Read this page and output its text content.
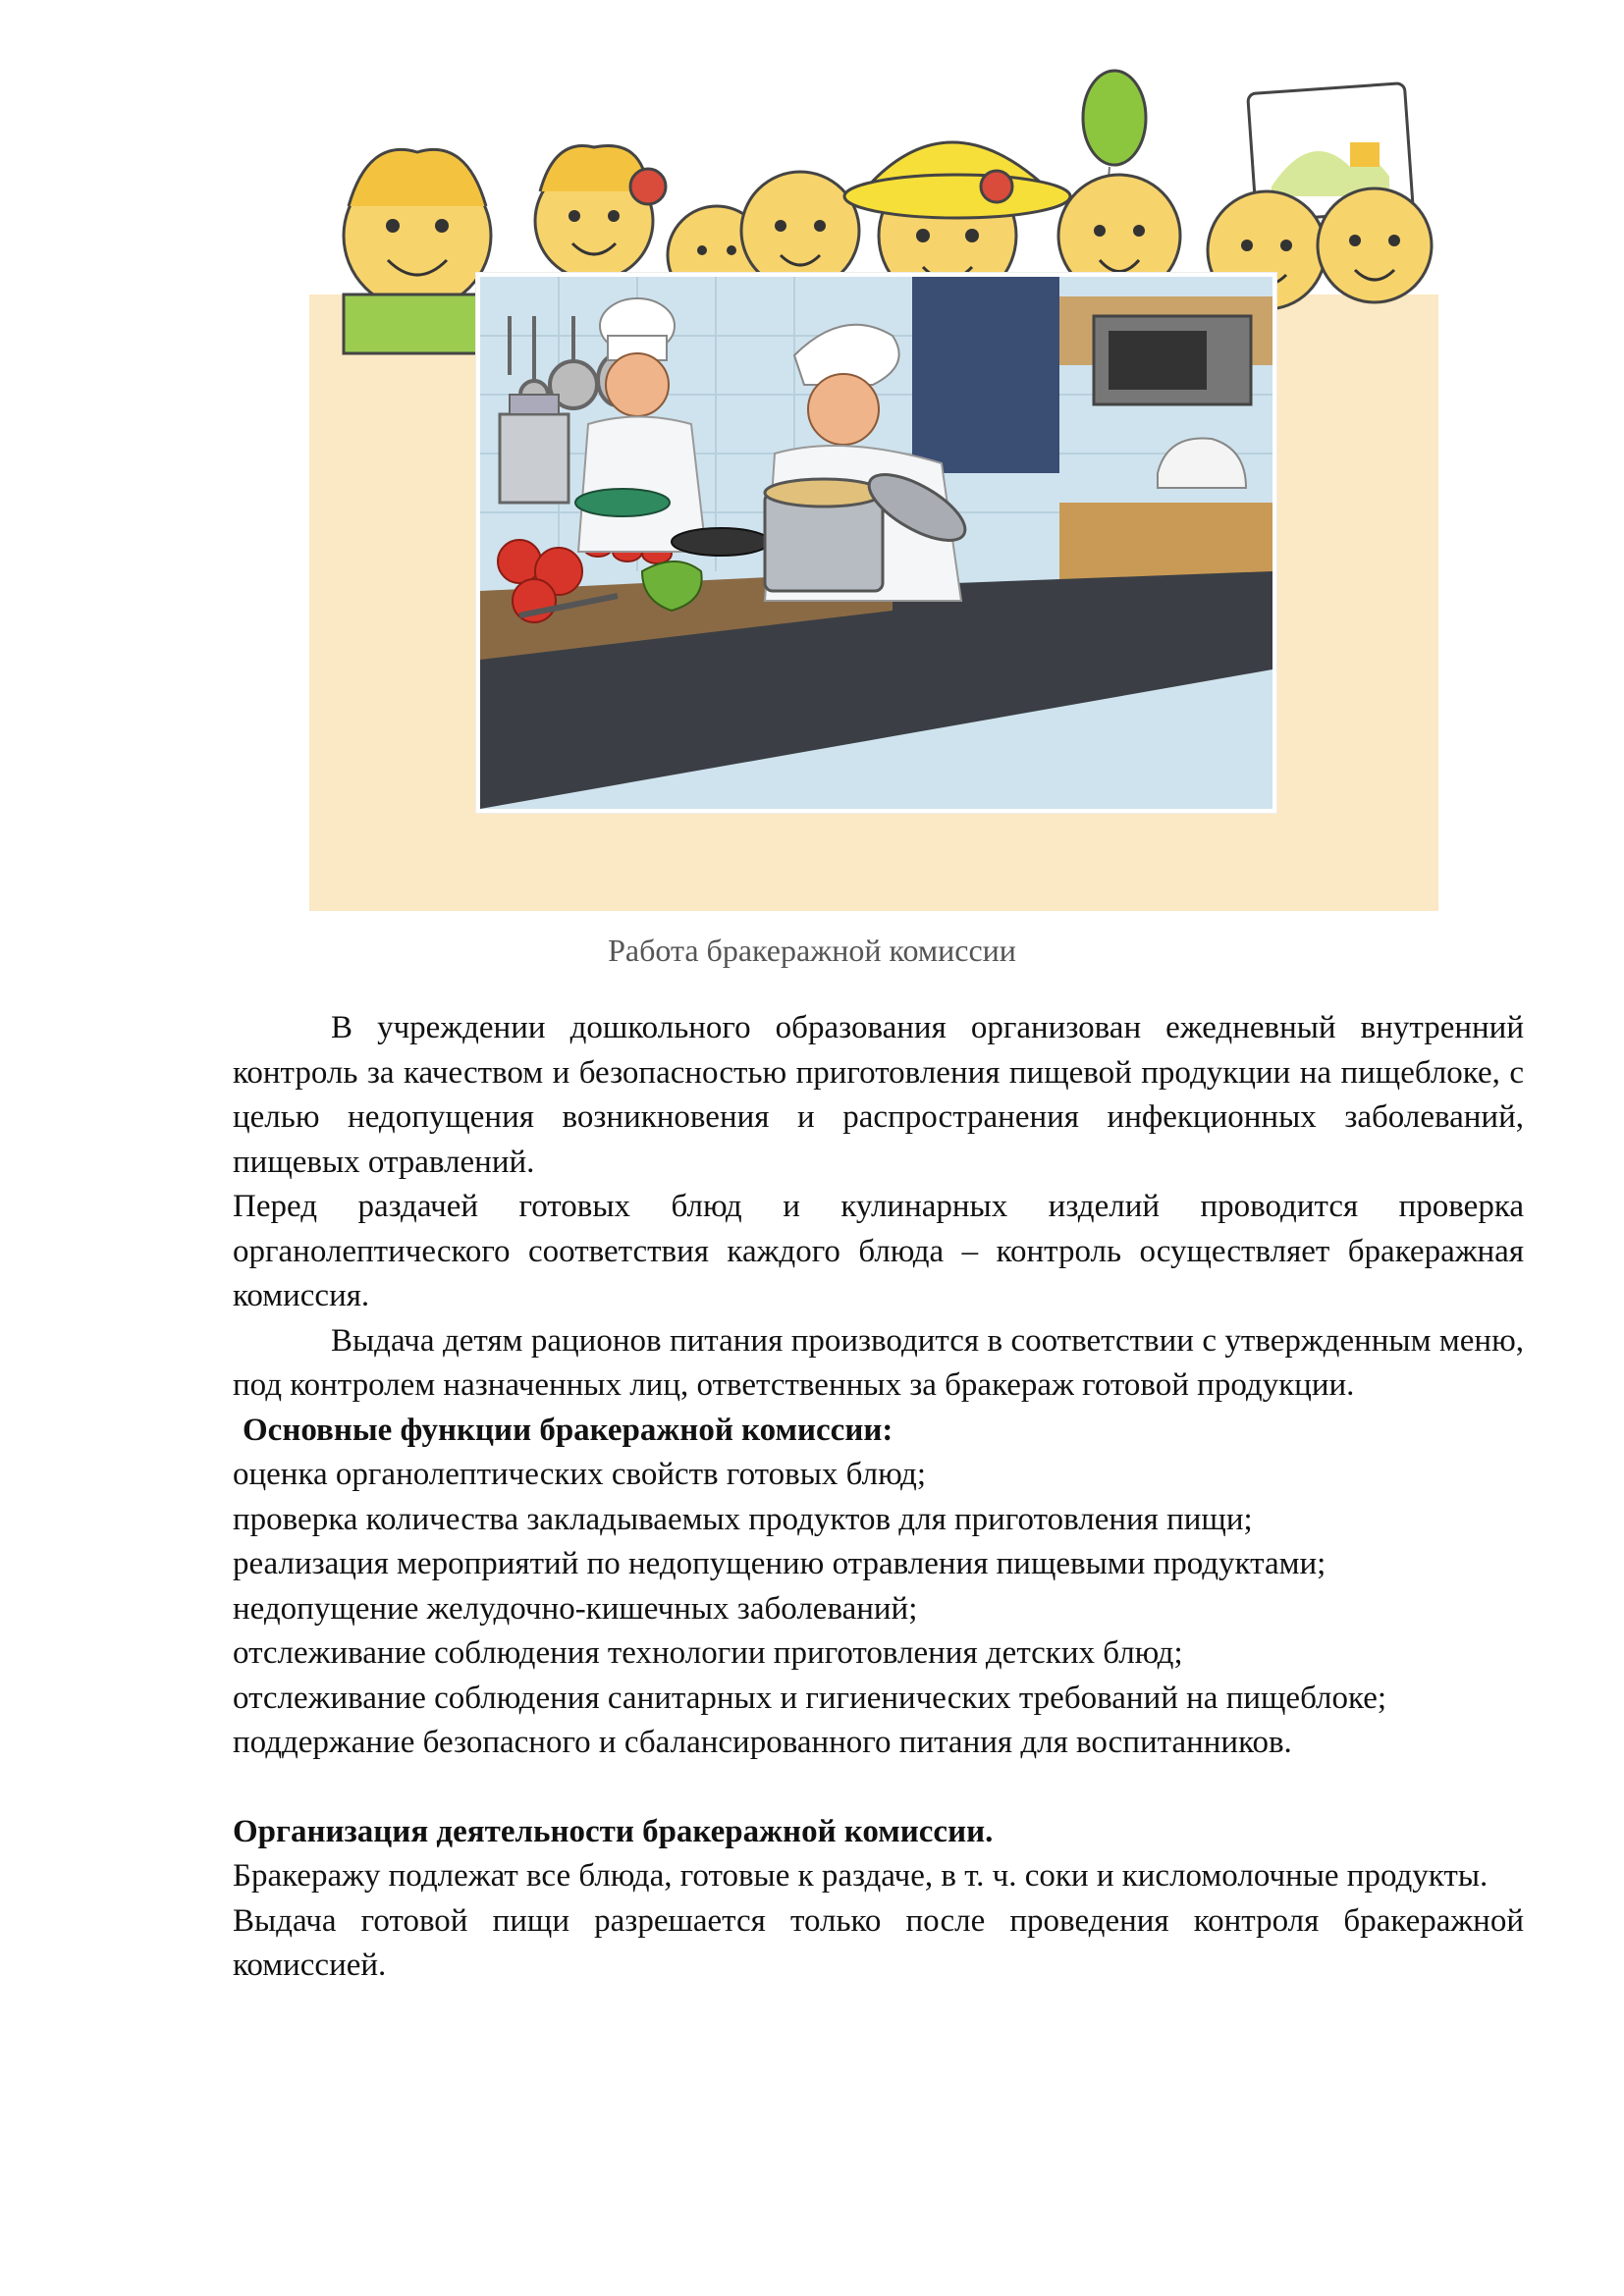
Работа бракеражной комиссии

В учреждении дошкольного образования организован ежедневный внутренний контроль за качеством и безопасностью приготовления пищевой продукции на пищеблоке, с целью недопущения возникновения и распространения инфекционных заболеваний, пищевых отравлений.

Перед раздачей готовых блюд и кулинарных изделий проводится проверка органолептического соответствия каждого блюда – контроль осуществляет бракеражная комиссия.

Выдача детям рационов питания производится в соответствии с утвержденным меню, под контролем назначенных лиц, ответственных за бракераж готовой продукции.

Основные функции бракеражной комиссии:

оценка органолептических свойств готовых блюд;

проверка количества закладываемых продуктов для приготовления пищи;

реализация мероприятий по недопущению отравления пищевыми продуктами;

недопущение желудочно-кишечных заболеваний;

отслеживание соблюдения технологии приготовления детских блюд;

отслеживание соблюдения санитарных и гигиенических требований на пищеблоке;

поддержание безопасного и сбалансированного питания для воспитанников.

Организация деятельности бракеражной комиссии.

Бракеражу подлежат все блюда, готовые к раздаче, в т. ч. соки и кисломолочные продукты.

Выдача готовой пищи разрешается только после проведения контроля бракеражной комиссией.
